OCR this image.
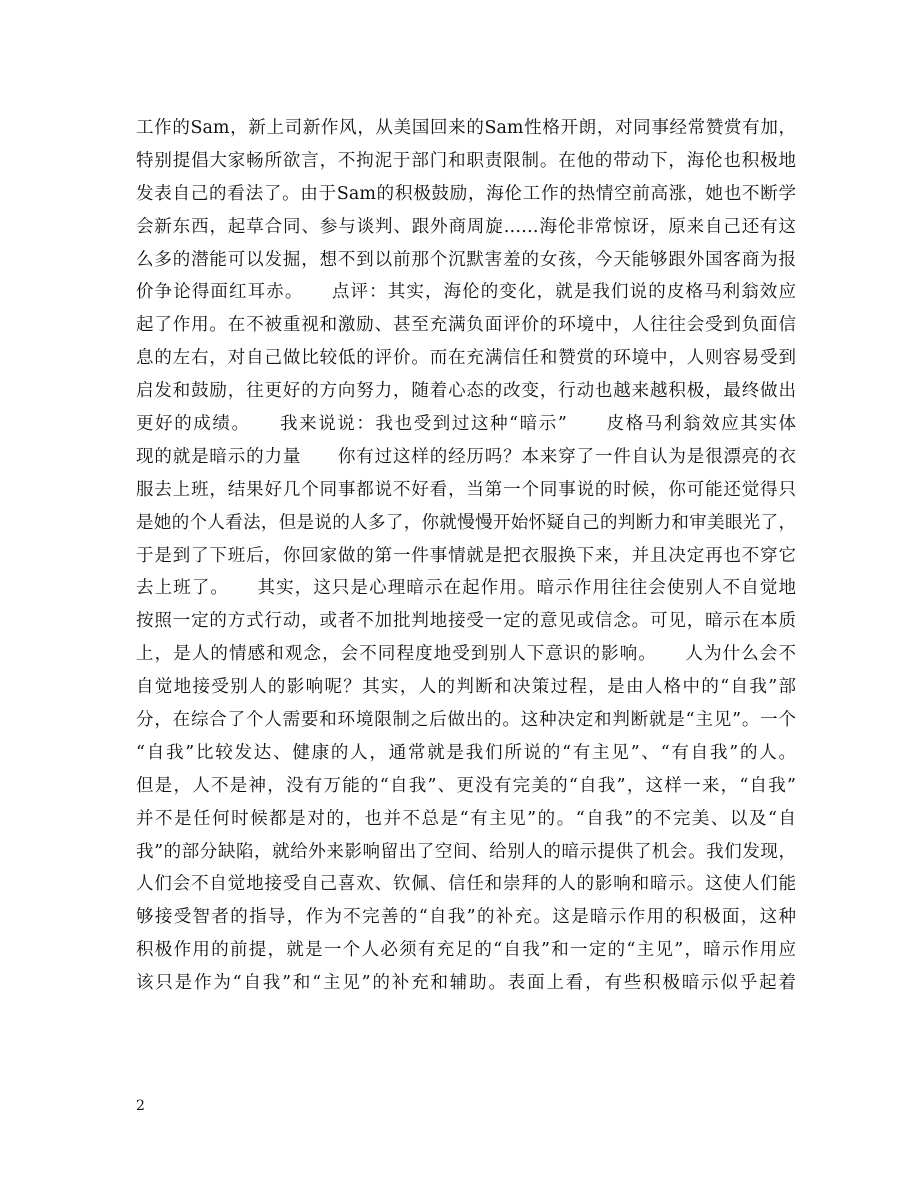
工作的Sam，新上司新作风，从美国回来的Sam性格开朗，对同事经常赞赏有加，
特别提倡大家畅所欲言，不拘泥于部门和职责限制。在他的带动下，海伦也积极地
发表自己的看法了。由于Sam的积极鼓励，海伦工作的热情空前高涨，她也不断学
会新东西，起草合同、参与谈判、跟外商周旋……海伦非常惊讶，原来自己还有这
么多的潜能可以发掘，想不到以前那个沉默害羞的女孩，今天能够跟外国客商为报
价争论得面红耳赤。　　点评：其实，海伦的变化，就是我们说的皮格马利翁效应
起了作用。在不被重视和激励、甚至充满负面评价的环境中，人往往会受到负面信
息的左右，对自己做比较低的评价。而在充满信任和赞赏的环境中，人则容易受到
启发和鼓励，往更好的方向努力，随着心态的改变，行动也越来越积极，最终做出
更好的成绩。　　我来说说：我也受到过这种“暗示”　　皮格马利翁效应其实体
现的就是暗示的力量　　你有过这样的经历吗？本来穿了一件自认为是很漂亮的衣
服去上班，结果好几个同事都说不好看，当第一个同事说的时候，你可能还觉得只
是她的个人看法，但是说的人多了，你就慢慢开始怀疑自己的判断力和审美眼光了，
于是到了下班后，你回家做的第一件事情就是把衣服换下来，并且决定再也不穿它
去上班了。　　其实，这只是心理暗示在起作用。暗示作用往往会使别人不自觉地
按照一定的方式行动，或者不加批判地接受一定的意见或信念。可见，暗示在本质
上，是人的情感和观念，会不同程度地受到别人下意识的影响。　　人为什么会不
自觉地接受别人的影响呢？其实，人的判断和决策过程，是由人格中的“自我”部
分，在综合了个人需要和环境限制之后做出的。这种决定和判断就是“主见”。一个
“自我”比较发达、健康的人，通常就是我们所说的“有主见”、“有自我”的人。
但是，人不是神，没有万能的“自我”、更没有完美的“自我”，这样一来，“自我”
并不是任何时候都是对的，也并不总是“有主见”的。“自我”的不完美、以及“自
我”的部分缺陷，就给外来影响留出了空间、给别人的暗示提供了机会。我们发现，
人们会不自觉地接受自己喜欢、钦佩、信任和崇拜的人的影响和暗示。这使人们能
够接受智者的指导，作为不完善的“自我”的补充。这是暗示作用的积极面，这种
积极作用的前提，就是一个人必须有充足的“自我”和一定的“主见”，暗示作用应
该只是作为“自我”和“主见”的补充和辅助。表面上看，有些积极暗示似乎起着
2
